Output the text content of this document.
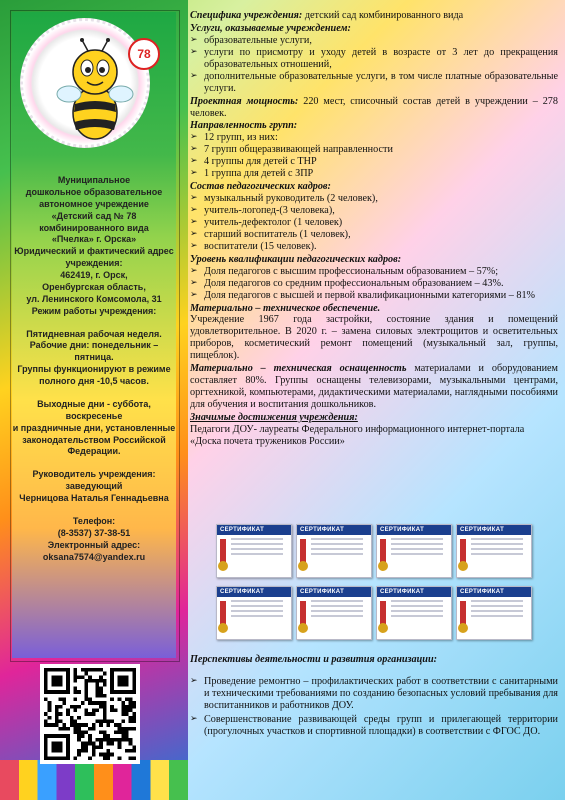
78

Муниципальное

дошкольное образовательное

автономное учреждение

«Детский сад № 78

комбинированного вида

«Пчелка» г. Орска»

Юридический и фактический адрес учреждения:

462419, г. Орск,

Оренбургская область,

ул. Ленинского Комсомола, 31

Режим работы учреждения:

Пятидневная рабочая неделя.

Рабочие дни: понедельник – пятница.

Группы функционируют в режиме

полного дня -10,5 часов.

Выходные дни - суббота, воскресенье

и праздничные дни, установленные

законодательством Российской

Федерации.

Руководитель учреждения:

заведующий

Черницова Наталья Геннадьевна

Телефон:

(8-3537) 37-38-51

Электронный адрес:

oksana7574@yandex.ru

Специфика учреждения: детский сад комбинированного вида
Услуги, оказываемые учреждением:
➢ образовательные услуги,
➢ услуги по присмотру и уходу детей в возрасте от 3 лет до прекращения образовательных отношений,
➢ дополнительные образовательные услуги, в том числе платные образовательные услуги.
Проектная мощность: 220 мест, списочный состав детей в учреждении – 278 человек.
Направленность групп:
➢ 12 групп, из них:
➢ 7 групп общеразвивающей направленности
➢ 4 группы для детей с ТНР
➢ 1 группа для детей с ЗПР
Состав педагогических кадров:
➢ музыкальный руководитель (2 человек),
➢ учитель-логопед-(3 человека),
➢ учитель-дефектолог (1 человек)
➢ старший воспитатель (1 человек),
➢ воспитатели (15 человек).
Уровень квалификации педагогических кадров:
➢ Доля педагогов с высшим профессиональным образованием – 57%;
➢ Доля педагогов со средним профессиональным образованием – 43%.
➢ Доля педагогов с высшей и первой квалификационными категориями – 81%
Материально – техническое обеспечение.
Учреждение 1967 года застройки, состояние здания и помещений удовлетворительное. В 2020 г. – замена силовых электрощитов и осветительных приборов, косметический ремонт помещений (музыкальный зал, группы, пищеблок).
Материально – техническая оснащенность материалами и оборудованием составляет 80%. Группы оснащены телевизорами, музыкальными центрами, оргтехникой, компьютерами, дидактическими материалами, наглядными пособиями для обучения и воспитания дошкольников.
Значимые достижения учреждения:
Педагоги ДОУ- лауреаты Федерального информационного интернет-портала «Доска почета тружеников России»
СЕРТИФИКАТ	СЕРТИФИКАТ	СЕРТИФИКАТ	СЕРТИФИКАТ
СЕРТИФИКАТ	СЕРТИФИКАТ	СЕРТИФИКАТ	СЕРТИФИКАТ
Перспективы деятельности и развития организации:
➢ Проведение ремонтно – профилактических работ в соответствии с санитарными и техническими требованиями по созданию безопасных условий пребывания для воспитанников и работников ДОУ.
➢ Совершенствование развивающей среды групп и прилегающей территории (прогулочных участков и спортивной площадки) в соответствии с ФГОС ДО.
